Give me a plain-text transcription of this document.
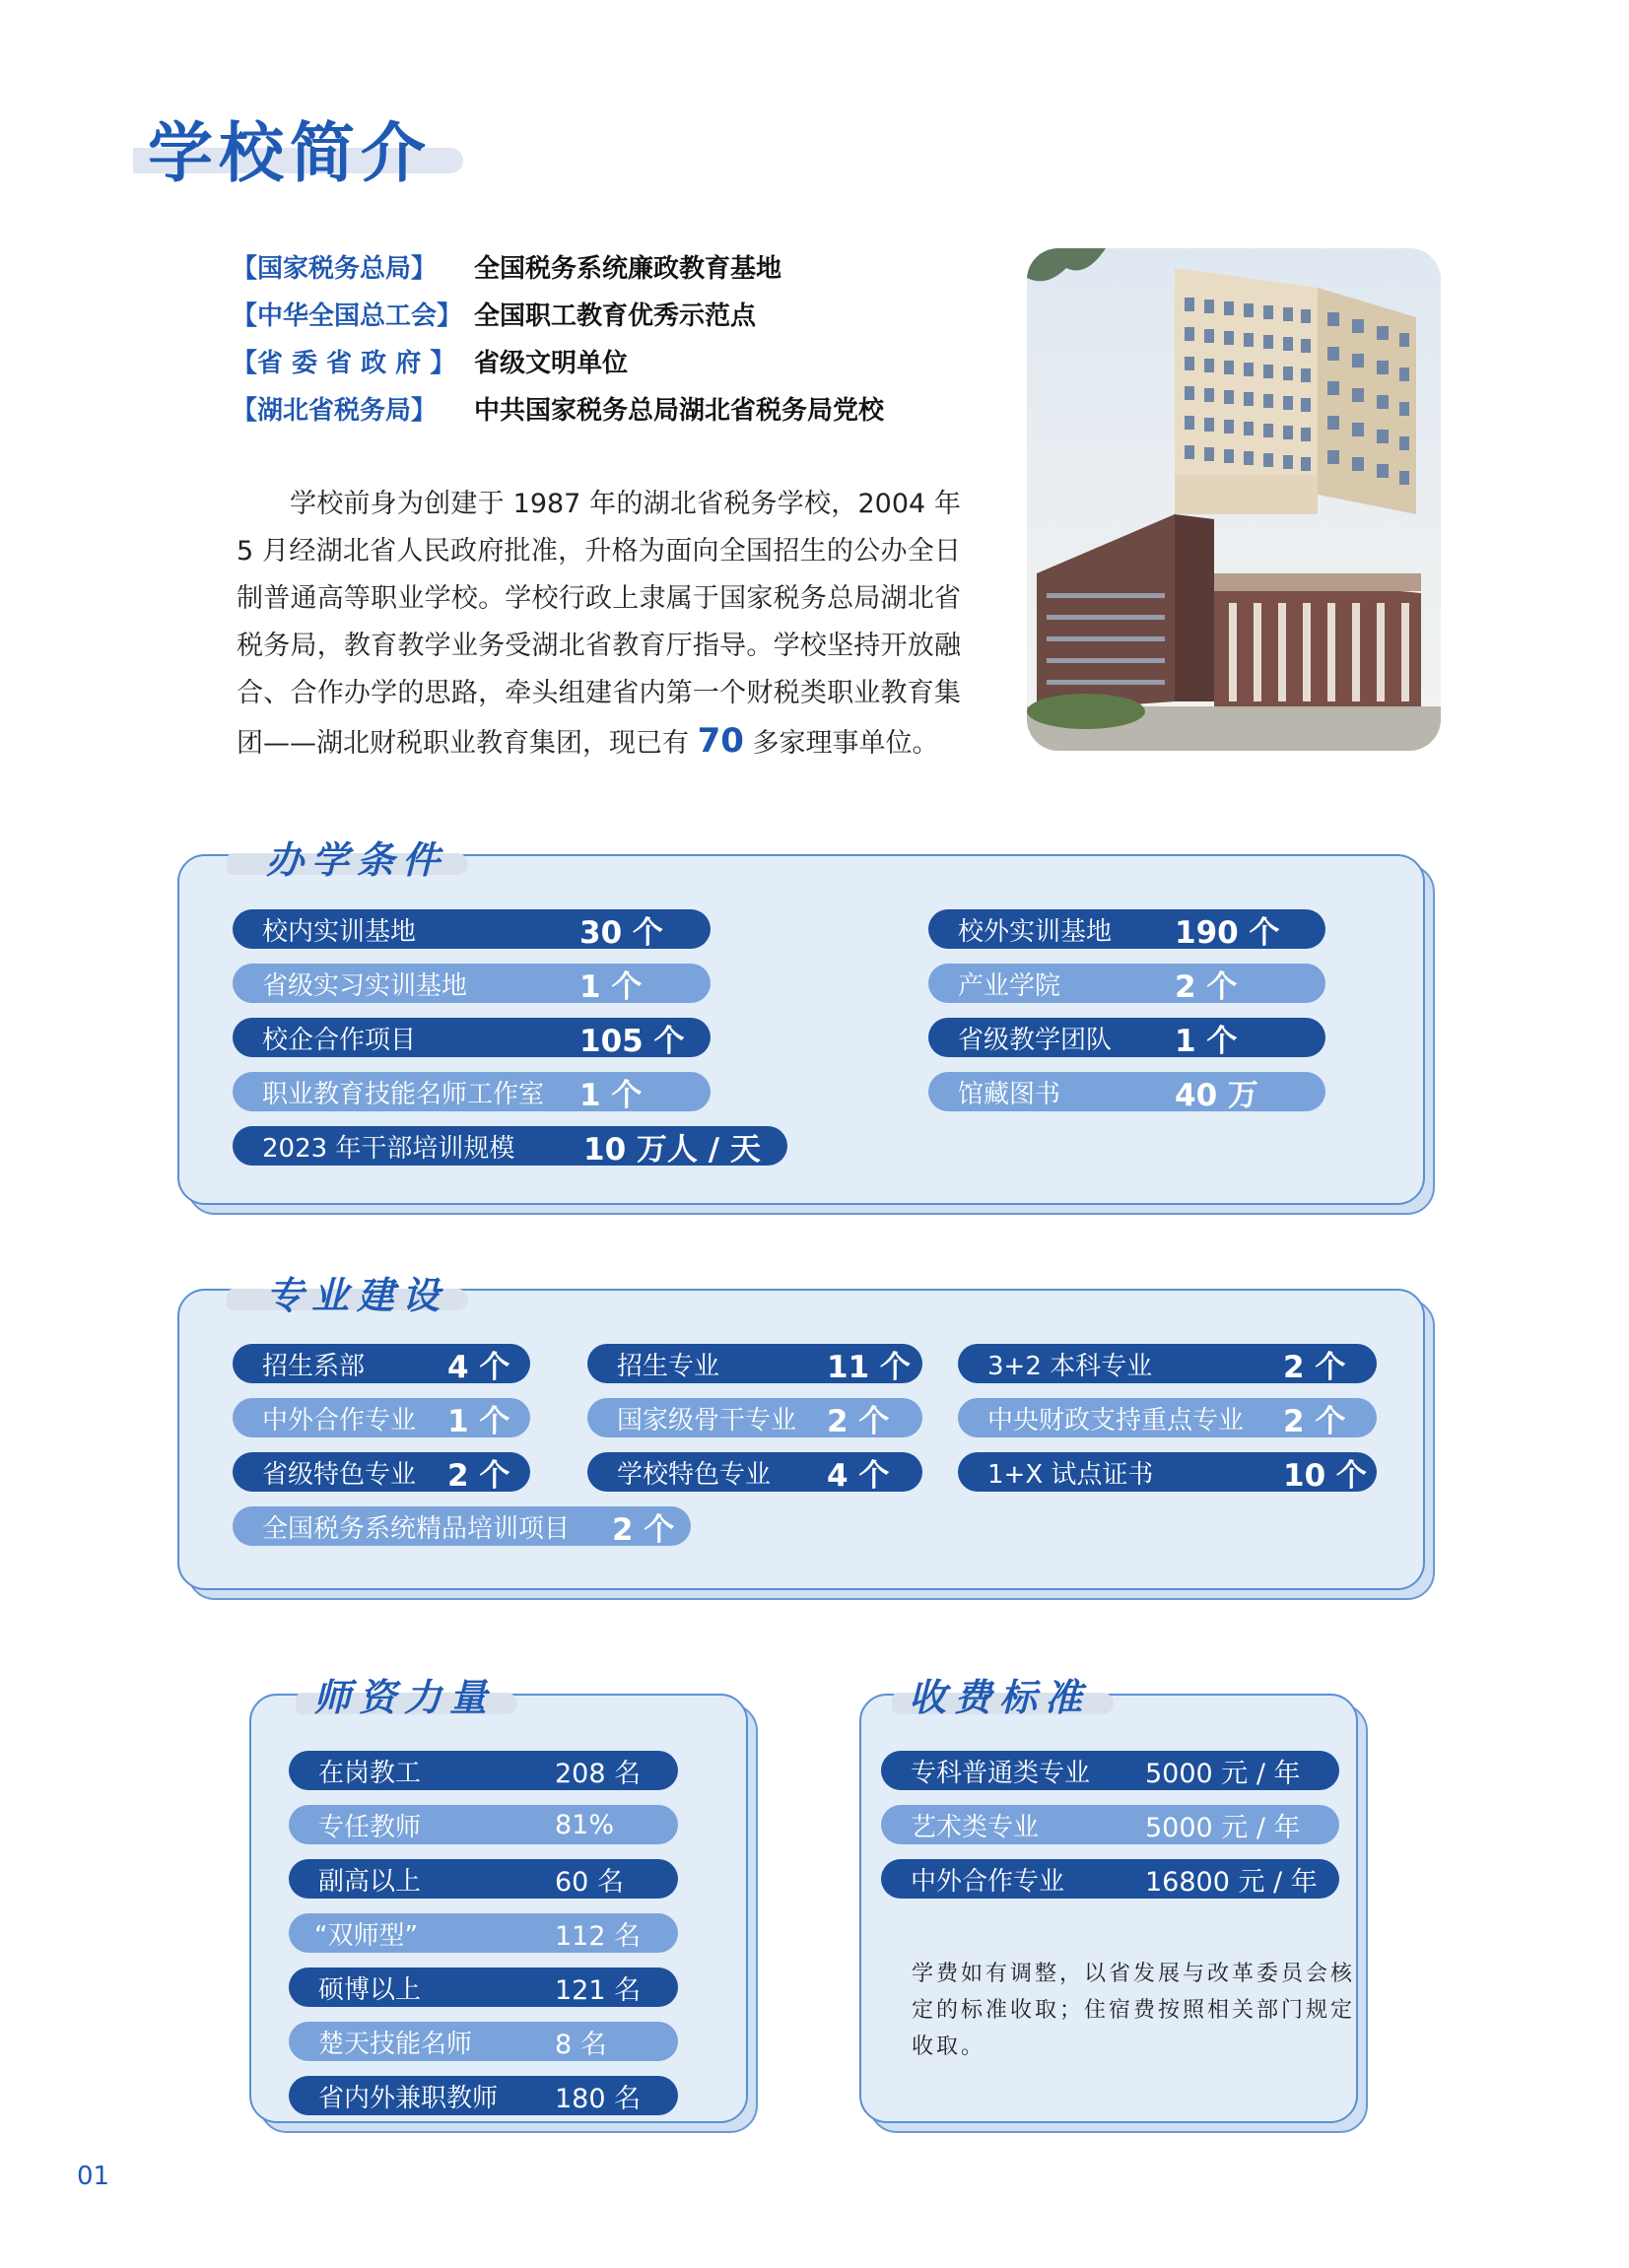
学校简介
【国家税务总局】	全国税务系统廉政教育基地
【中华全国总工会】 全国职工教育优秀示范点
【省 委 省 政 府 】 省级文明单位
【湖北省税务局】	中共国家税务总局湖北省税务局党校
学校前身为创建于 1987 年的湖北省税务学校，2004 年 5 月经湖北省人民政府批准，升格为面向全国招生的公办全日制普通高等职业学校。学校行政上隶属于国家税务总局湖北省税务局，教育教学业务受湖北省教育厅指导。学校坚持开放融合、合作办学的思路，牵头组建省内第一个财税类职业教育集团——湖北财税职业教育集团，现已有 70 多家理事单位。
校内实训基地	30 个
省级实习实训基地	1 个
校企合作项目	105 个
职业教育技能名师工作室 1 个
2023 年干部培训规模 10 万人 / 天
校外实训基地 190 个
产业学院	2 个
省级教学团队 1 个
馆藏图书	40 万
办学条件
招生系部	4 个
中外合作专业 1 个
省级特色专业 2 个
全国税务系统精品培训项目 2 个
招生专业	11 个
国家级骨干专业 2 个
学校特色专业 4 个
3+2 本科专业	2 个
中央财政支持重点专业 2 个
1+X 试点证书	10 个
专业建设
在岗教工	208 名
专任教师	81%
副高以上	60 名
“双师型”	112 名
硕博以上	121 名
楚天技能名师	8 名
省内外兼职教师 180 名
师资力量
专科普通类专业 5000 元 / 年
艺术类专业	5000 元 / 年
中外合作专业	16800 元 / 年
收费标准
学费如有调整，以省发展与改革委员会核定的标准收取；住宿费按照相关部门规定收取。
01
